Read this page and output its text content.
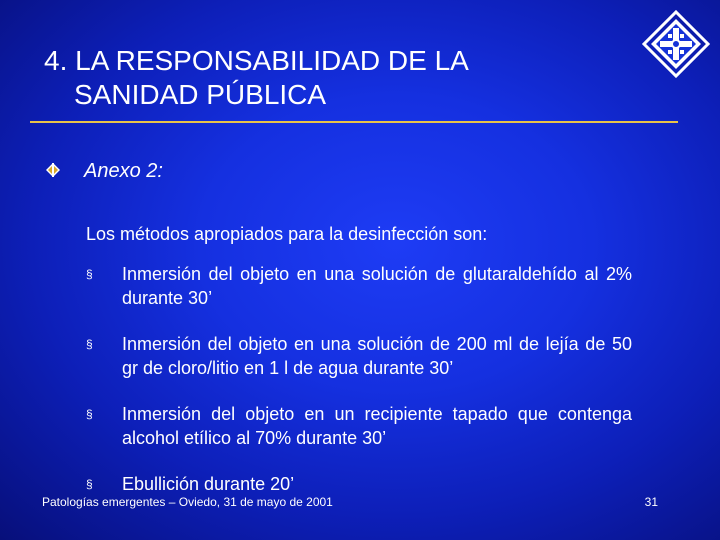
4. LA RESPONSABILIDAD DE LA
SANIDAD PÚBLICA
Anexo 2:
Los métodos apropiados para la desinfección son:
§ Inmersión del objeto en una solución de glutaraldehído al 2% durante 30’
§ Inmersión del objeto en una solución de 200 ml de lejía de 50 gr de cloro/litio en 1 l de agua durante 30’
§ Inmersión del objeto en un recipiente tapado que contenga alcohol etílico al 70% durante 30’
§ Ebullición durante 20’
Patologías emergentes – Oviedo, 31 de mayo de 2001	31
